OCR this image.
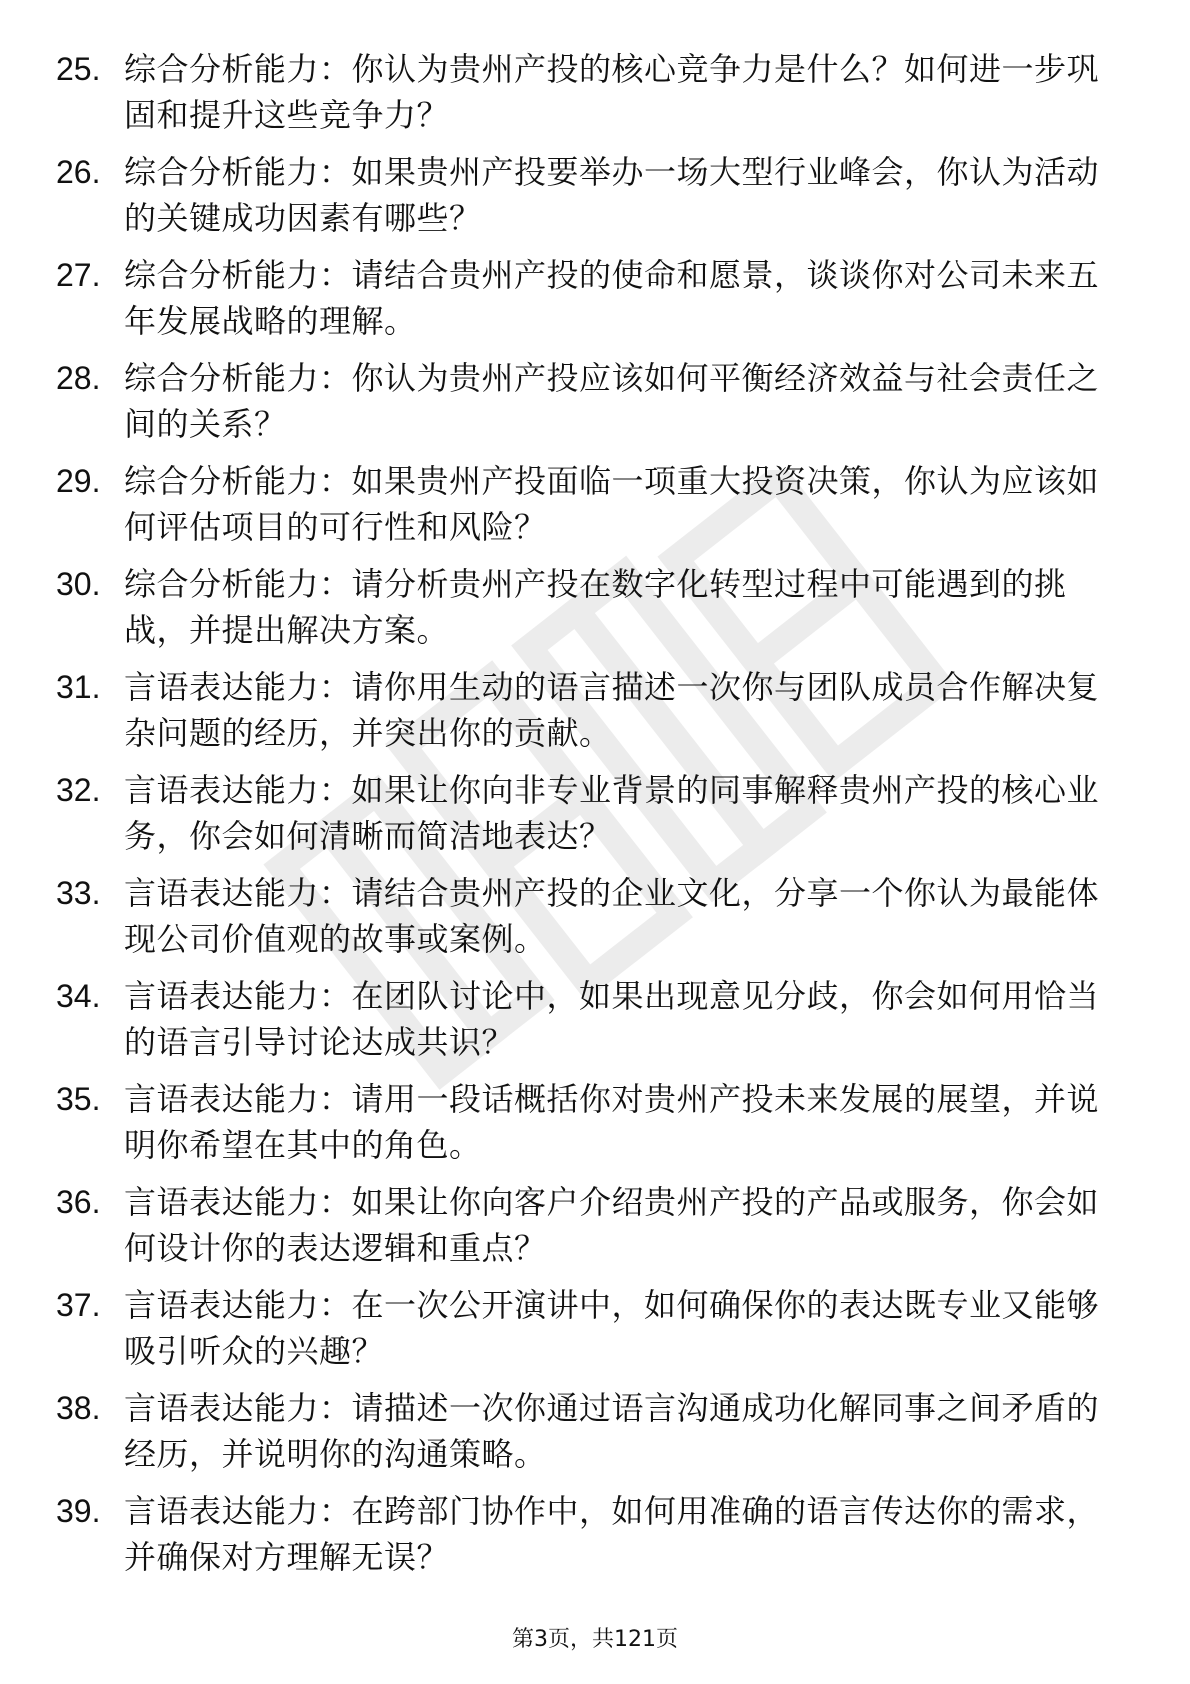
25. 综合分析能力：你认为贵州产投的核心竞争力是什么？如何进一步巩固和提升这些竞争力？
26. 综合分析能力：如果贵州产投要举办一场大型行业峰会，你认为活动的关键成功因素有哪些？
27. 综合分析能力：请结合贵州产投的使命和愿景，谈谈你对公司未来五年发展战略的理解。
28. 综合分析能力：你认为贵州产投应该如何平衡经济效益与社会责任之间的关系？
29. 综合分析能力：如果贵州产投面临一项重大投资决策，你认为应该如何评估项目的可行性和风险？
30. 综合分析能力：请分析贵州产投在数字化转型过程中可能遇到的挑战，并提出解决方案。
31. 言语表达能力：请你用生动的语言描述一次你与团队成员合作解决复杂问题的经历，并突出你的贡献。
32. 言语表达能力：如果让你向非专业背景的同事解释贵州产投的核心业务，你会如何清晰而简洁地表达？
33. 言语表达能力：请结合贵州产投的企业文化，分享一个你认为最能体现公司价值观的故事或案例。
34. 言语表达能力：在团队讨论中，如果出现意见分歧，你会如何用恰当的语言引导讨论达成共识？
35. 言语表达能力：请用一段话概括你对贵州产投未来发展的展望，并说明你希望在其中的角色。
36. 言语表达能力：如果让你向客户介绍贵州产投的产品或服务，你会如何设计你的表达逻辑和重点？
37. 言语表达能力：在一次公开演讲中，如何确保你的表达既专业又能够吸引听众的兴趣？
38. 言语表达能力：请描述一次你通过语言沟通成功化解同事之间矛盾的经历，并说明你的沟通策略。
39. 言语表达能力：在跨部门协作中，如何用准确的语言传达你的需求，并确保对方理解无误？
第3页，共121页
